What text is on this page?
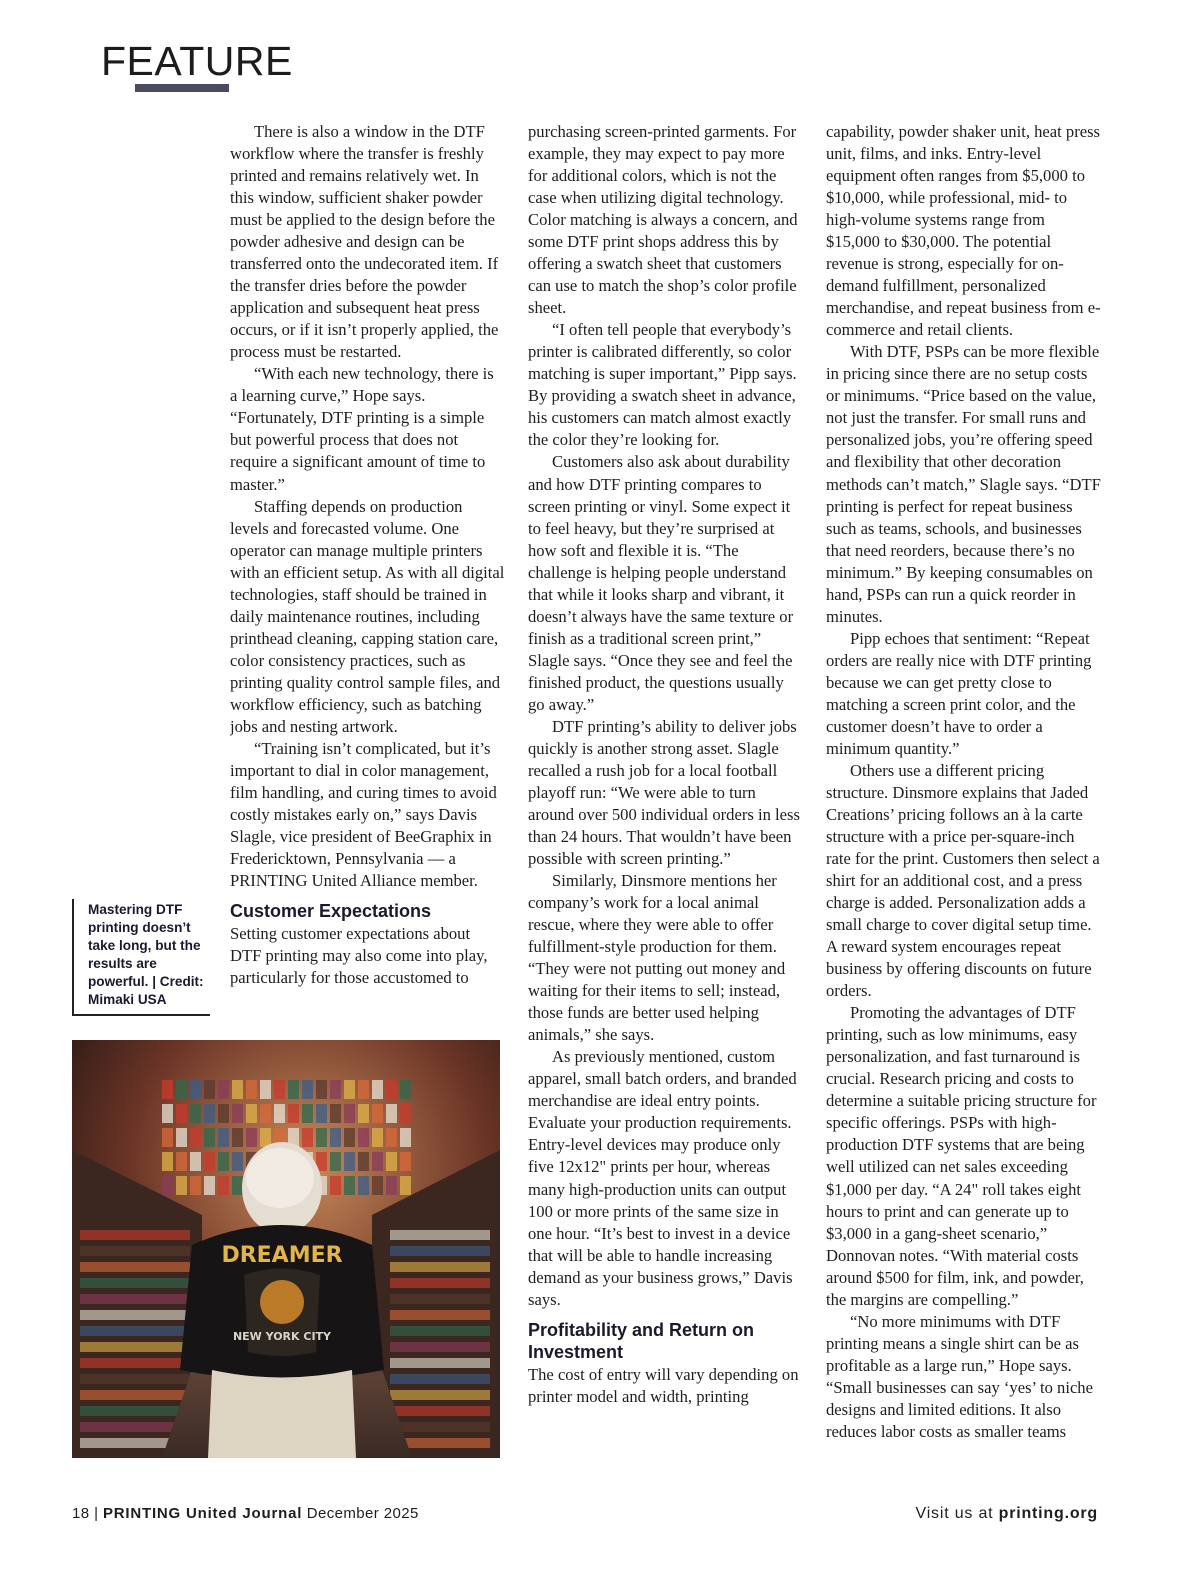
FEATURE

There is also a window in the DTF workflow where the transfer is freshly printed and remains relatively wet. In this window, sufficient shaker powder must be applied to the design before the powder adhesive and design can be transferred onto the undecorated item. If the transfer dries before the powder application and subsequent heat press occurs, or if it isn’t properly applied, the process must be restarted.

“With each new technology, there is a learning curve,” Hope says. “Fortunately, DTF printing is a simple but powerful process that does not require a significant amount of time to master.”

Staffing depends on production levels and forecasted volume. One operator can manage multiple printers with an efficient setup. As with all digital technologies, staff should be trained in daily maintenance routines, including printhead cleaning, capping station care, color consistency practices, such as printing quality control sample files, and workflow efficiency, such as batching jobs and nesting artwork.

“Training isn’t complicated, but it’s important to dial in color management, film handling, and curing times to avoid costly mistakes early on,” says Davis Slagle, vice president of BeeGraphix in Fredericktown, Pennsylvania — a PRINTING United Alliance member.

Customer Expectations

Setting customer expectations about DTF printing may also come into play, particularly for those accustomed to

purchasing screen-printed garments. For example, they may expect to pay more for additional colors, which is not the case when utilizing digital technology. Color matching is always a concern, and some DTF print shops address this by offering a swatch sheet that customers can use to match the shop’s color profile sheet.

“I often tell people that everybody’s printer is calibrated differently, so color matching is super important,” Pipp says. By providing a swatch sheet in advance, his customers can match almost exactly the color they’re looking for.

Customers also ask about durability and how DTF printing compares to screen printing or vinyl. Some expect it to feel heavy, but they’re surprised at how soft and flexible it is. “The challenge is helping people understand that while it looks sharp and vibrant, it doesn’t always have the same texture or finish as a traditional screen print,” Slagle says. “Once they see and feel the finished product, the questions usually go away.”

DTF printing’s ability to deliver jobs quickly is another strong asset. Slagle recalled a rush job for a local football playoff run: “We were able to turn around over 500 individual orders in less than 24 hours. That wouldn’t have been possible with screen printing.”

Similarly, Dinsmore mentions her company’s work for a local animal rescue, where they were able to offer fulfillment-style production for them. “They were not putting out money and waiting for their items to sell; instead, those funds are better used helping animals,” she says.

As previously mentioned, custom apparel, small batch orders, and branded merchandise are ideal entry points. Evaluate your production requirements. Entry-level devices may produce only five 12x12" prints per hour, whereas many high-production units can output 100 or more prints of the same size in one hour. “It’s best to invest in a device that will be able to handle increasing demand as your business grows,” Davis says.

Profitability and Return on Investment

The cost of entry will vary depending on printer model and width, printing

capability, powder shaker unit, heat press unit, films, and inks. Entry-level equipment often ranges from $5,000 to $10,000, while professional, mid- to high-volume systems range from $15,000 to $30,000. The potential revenue is strong, especially for on-demand fulfillment, personalized merchandise, and repeat business from e-commerce and retail clients.

With DTF, PSPs can be more flexible in pricing since there are no setup costs or minimums. “Price based on the value, not just the transfer. For small runs and personalized jobs, you’re offering speed and flexibility that other decoration methods can’t match,” Slagle says. “DTF printing is perfect for repeat business such as teams, schools, and businesses that need reorders, because there’s no minimum.” By keeping consumables on hand, PSPs can run a quick reorder in minutes.

Pipp echoes that sentiment: “Repeat orders are really nice with DTF printing because we can get pretty close to matching a screen print color, and the customer doesn’t have to order a minimum quantity.”

Others use a different pricing structure. Dinsmore explains that Jaded Creations’ pricing follows an à la carte structure with a price per-square-inch rate for the print. Customers then select a shirt for an additional cost, and a press charge is added. Personalization adds a small charge to cover digital setup time. A reward system encourages repeat business by offering discounts on future orders.

Promoting the advantages of DTF printing, such as low minimums, easy personalization, and fast turnaround is crucial. Research pricing and costs to determine a suitable pricing structure for specific offerings. PSPs with high-production DTF systems that are being well utilized can net sales exceeding $1,000 per day. “A 24" roll takes eight hours to print and can generate up to $3,000 in a gang-sheet scenario,” Donnovan notes. “With material costs around $500 for film, ink, and powder, the margins are compelling.”

“No more minimums with DTF printing means a single shirt can be as profitable as a large run,” Hope says. “Small businesses can say ‘yes’ to niche designs and limited editions. It also reduces labor costs as smaller teams

Mastering DTF printing doesn’t take long, but the results are powerful. | Credit: Mimaki USA
DREAMER
NEW YORK CITY

18 | PRINTING United Journal December 2025	Visit us at printing.org
